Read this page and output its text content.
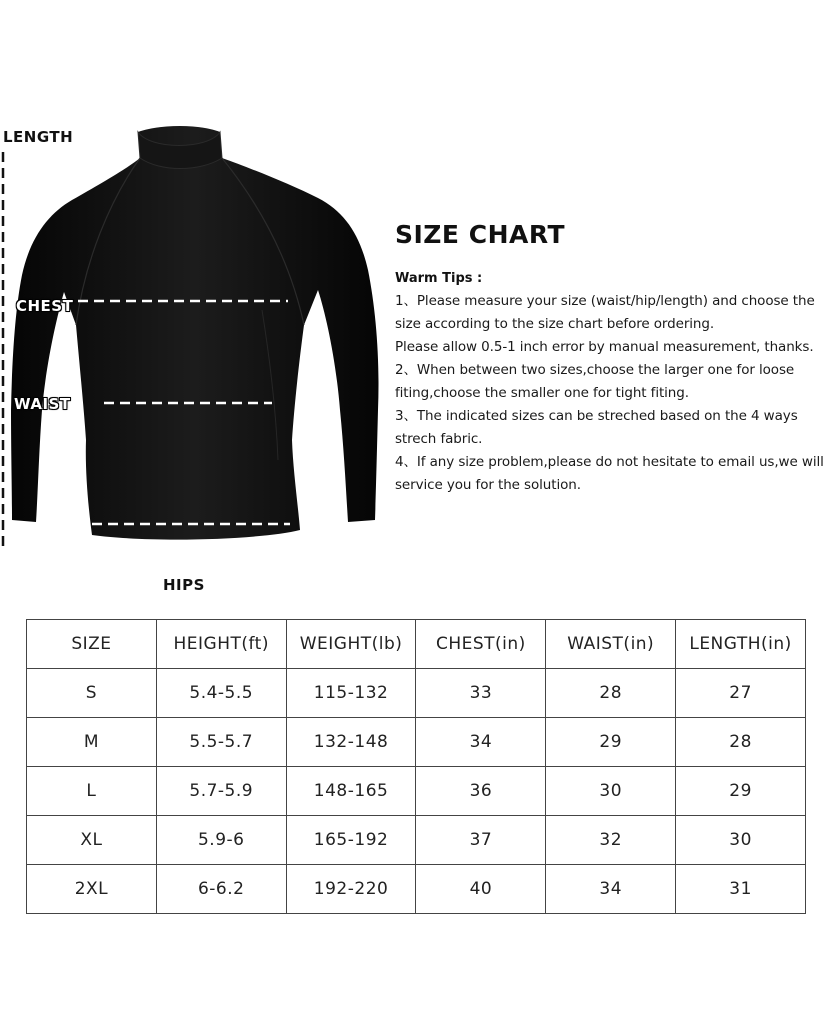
LENGTH
CHEST
WAIST
HIPS
SIZE CHART

Warm Tips :

1、Please measure your size (waist/hip/length) and choose the size according to the size chart before ordering.

Please allow 0.5-1 inch error by manual measurement, thanks.

2、When between two sizes,choose the larger one for loose fiting,choose the smaller one for tight fiting.

3、The indicated sizes can be streched based on the 4 ways strech fabric.

4、If any size problem,please do not hesitate to email us,we will service you for the solution.

SIZE	HEIGHT(ft)	WEIGHT(lb)	CHEST(in)	WAIST(in)	LENGTH(in)
S	5.4-5.5	115-132	33	28	27
M	5.5-5.7	132-148	34	29	28
L	5.7-5.9	148-165	36	30	29
XL	5.9-6	165-192	37	32	30
2XL	6-6.2	192-220	40	34	31
